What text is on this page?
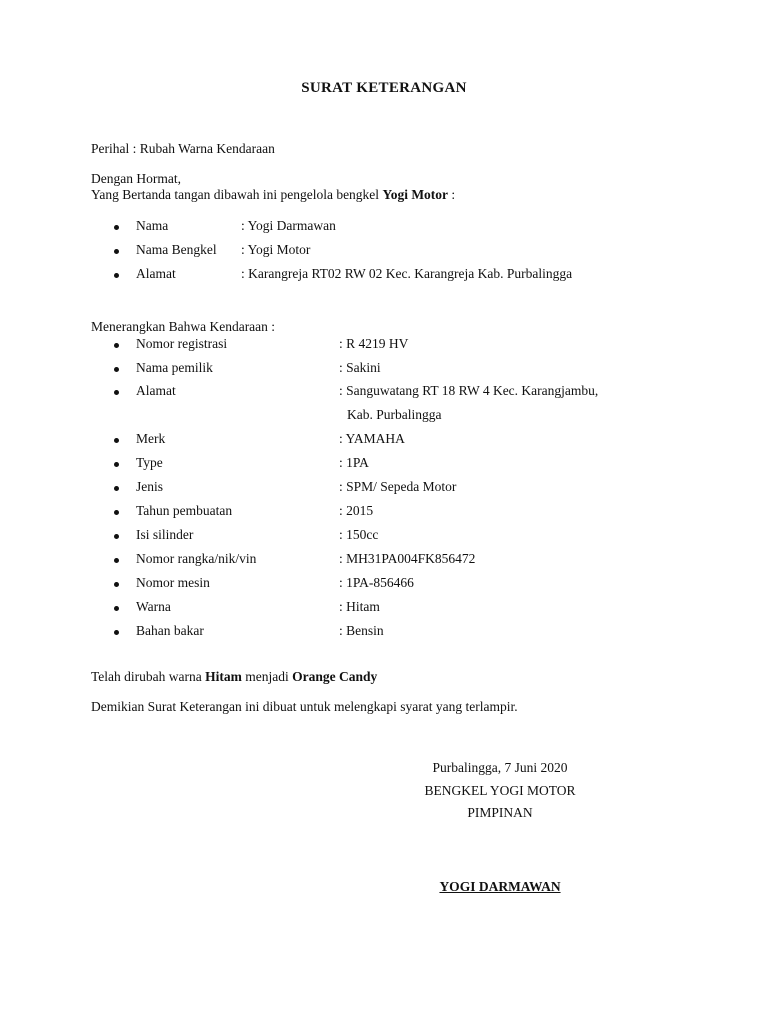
SURAT KETERANGAN
Perihal : Rubah Warna Kendaraan
Dengan Hormat,
Yang Bertanda tangan dibawah ini pengelola bengkel Yogi Motor :
Nama	: Yogi Darmawan
Nama Bengkel : Yogi Motor
Alamat	: Karangreja RT02 RW 02 Kec. Karangreja Kab. Purbalingga
Menerangkan Bahwa Kendaraan :
Nomor registrasi	: R 4219 HV
Nama pemilik	: Sakini
Alamat	: Sanguwatang RT 18 RW 4 Kec. Karangjambu,
Kab. Purbalingga
Merk	: YAMAHA
Type	: 1PA
Jenis	: SPM/ Sepeda Motor
Tahun pembuatan	: 2015
Isi silinder	: 150cc
Nomor rangka/nik/vin	: MH31PA004FK856472
Nomor mesin	: 1PA-856466
Warna	: Hitam
Bahan bakar	: Bensin
Telah dirubah warna Hitam menjadi Orange Candy
Demikian Surat Keterangan ini dibuat untuk melengkapi syarat yang terlampir.
Purbalingga, 7 Juni 2020
BENGKEL YOGI MOTOR
PIMPINAN
YOGI DARMAWAN
